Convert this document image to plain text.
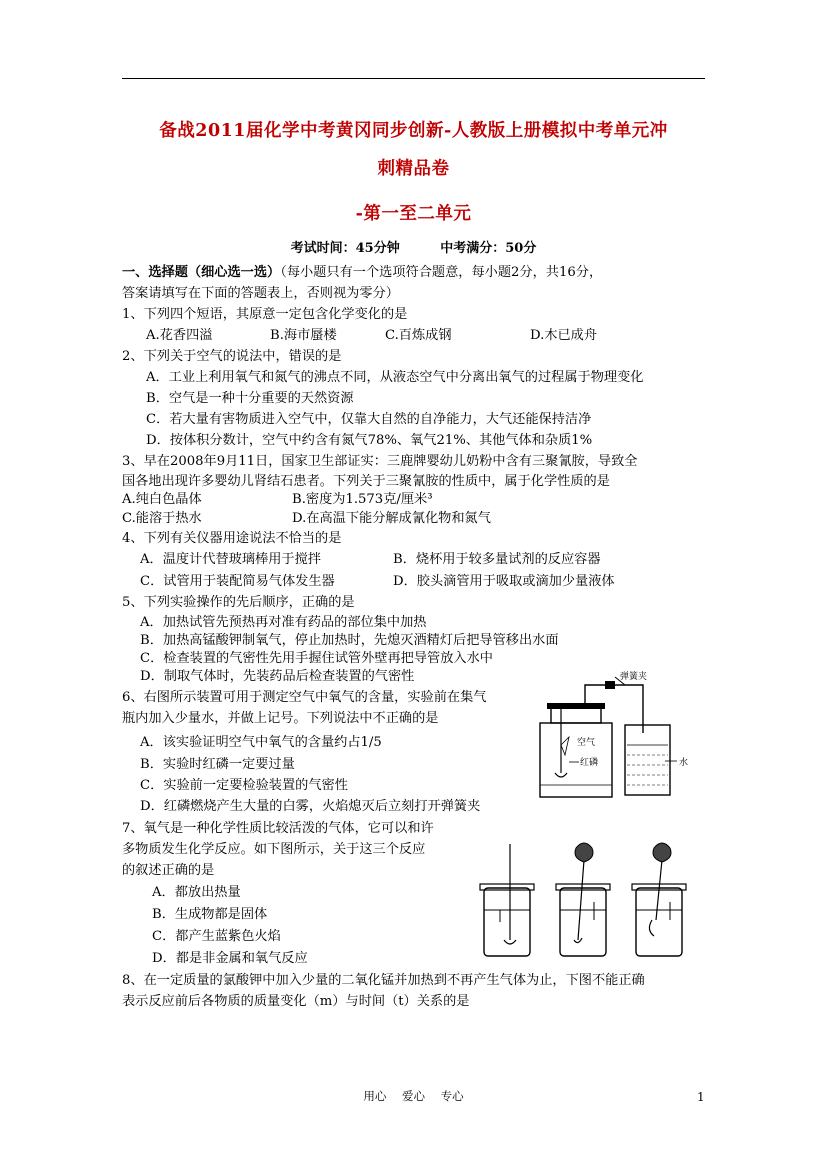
备战2011届化学中考黄冈同步创新-人教版上册模拟中考单元冲
刺精品卷
-第一至二单元
考试时间：45分钟	中考满分：50分
一、选择题（细心选一选）（每小题只有一个选项符合题意，每小题2分，共16分，
答案请填写在下面的答题表上，否则视为零分）
1、下列四个短语，其原意一定包含化学变化的是
A.花香四溢	B.海市蜃楼	C.百炼成钢	D.木已成舟
2、下列关于空气的说法中，错误的是
A．工业上利用氧气和氮气的沸点不同，从液态空气中分离出氧气的过程属于物理变化
B．空气是一种十分重要的天然资源
C．若大量有害物质进入空气中，仅靠大自然的自净能力，大气还能保持洁净
D．按体积分数计，空气中约含有氮气78%、氧气21%、其他气体和杂质1%
3、早在2008年9月11日，国家卫生部证实：三鹿牌婴幼儿奶粉中含有三聚氰胺，导致全
国各地出现许多婴幼儿肾结石患者。下列关于三聚氰胺的性质中，属于化学性质的是
A.纯白色晶体	B.密度为1.573克/厘米³
C.能溶于热水	D.在高温下能分解成氰化物和氮气
4、下列有关仪器用途说法不恰当的是
A．温度计代替玻璃棒用于搅拌	B．烧杯用于较多量试剂的反应容器
C．试管用于装配简易气体发生器	D．胶头滴管用于吸取或滴加少量液体
5、下列实验操作的先后顺序，正确的是
A．加热试管先预热再对准有药品的部位集中加热
B．加热高锰酸钾制氧气，停止加热时，先熄灭酒精灯后把导管移出水面
C．检查装置的气密性先用手握住试管外壁再把导管放入水中
D．制取气体时，先装药品后检查装置的气密性
6、右图所示装置可用于测定空气中氧气的含量，实验前在集气
瓶内加入少量水，并做上记号。下列说法中不正确的是
A．该实验证明空气中氧气的含量约占1/5
B．实验时红磷一定要过量
C．实验前一定要检验装置的气密性
D．红磷燃烧产生大量的白雾，火焰熄灭后立刻打开弹簧夹
弹簧夹
空气
红磷	水
7、氧气是一种化学性质比较活泼的气体，它可以和许
多物质发生化学反应。如下图所示，关于这三个反应
的叙述正确的是
A．都放出热量
B．生成物都是固体
C．都产生蓝紫色火焰
D．都是非金属和氧气反应
8、在一定质量的氯酸钾中加入少量的二氧化锰并加热到不再产生气体为止，下图不能正确
表示反应前后各物质的质量变化（m）与时间（t）关系的是
用心 爱心 专心	1
